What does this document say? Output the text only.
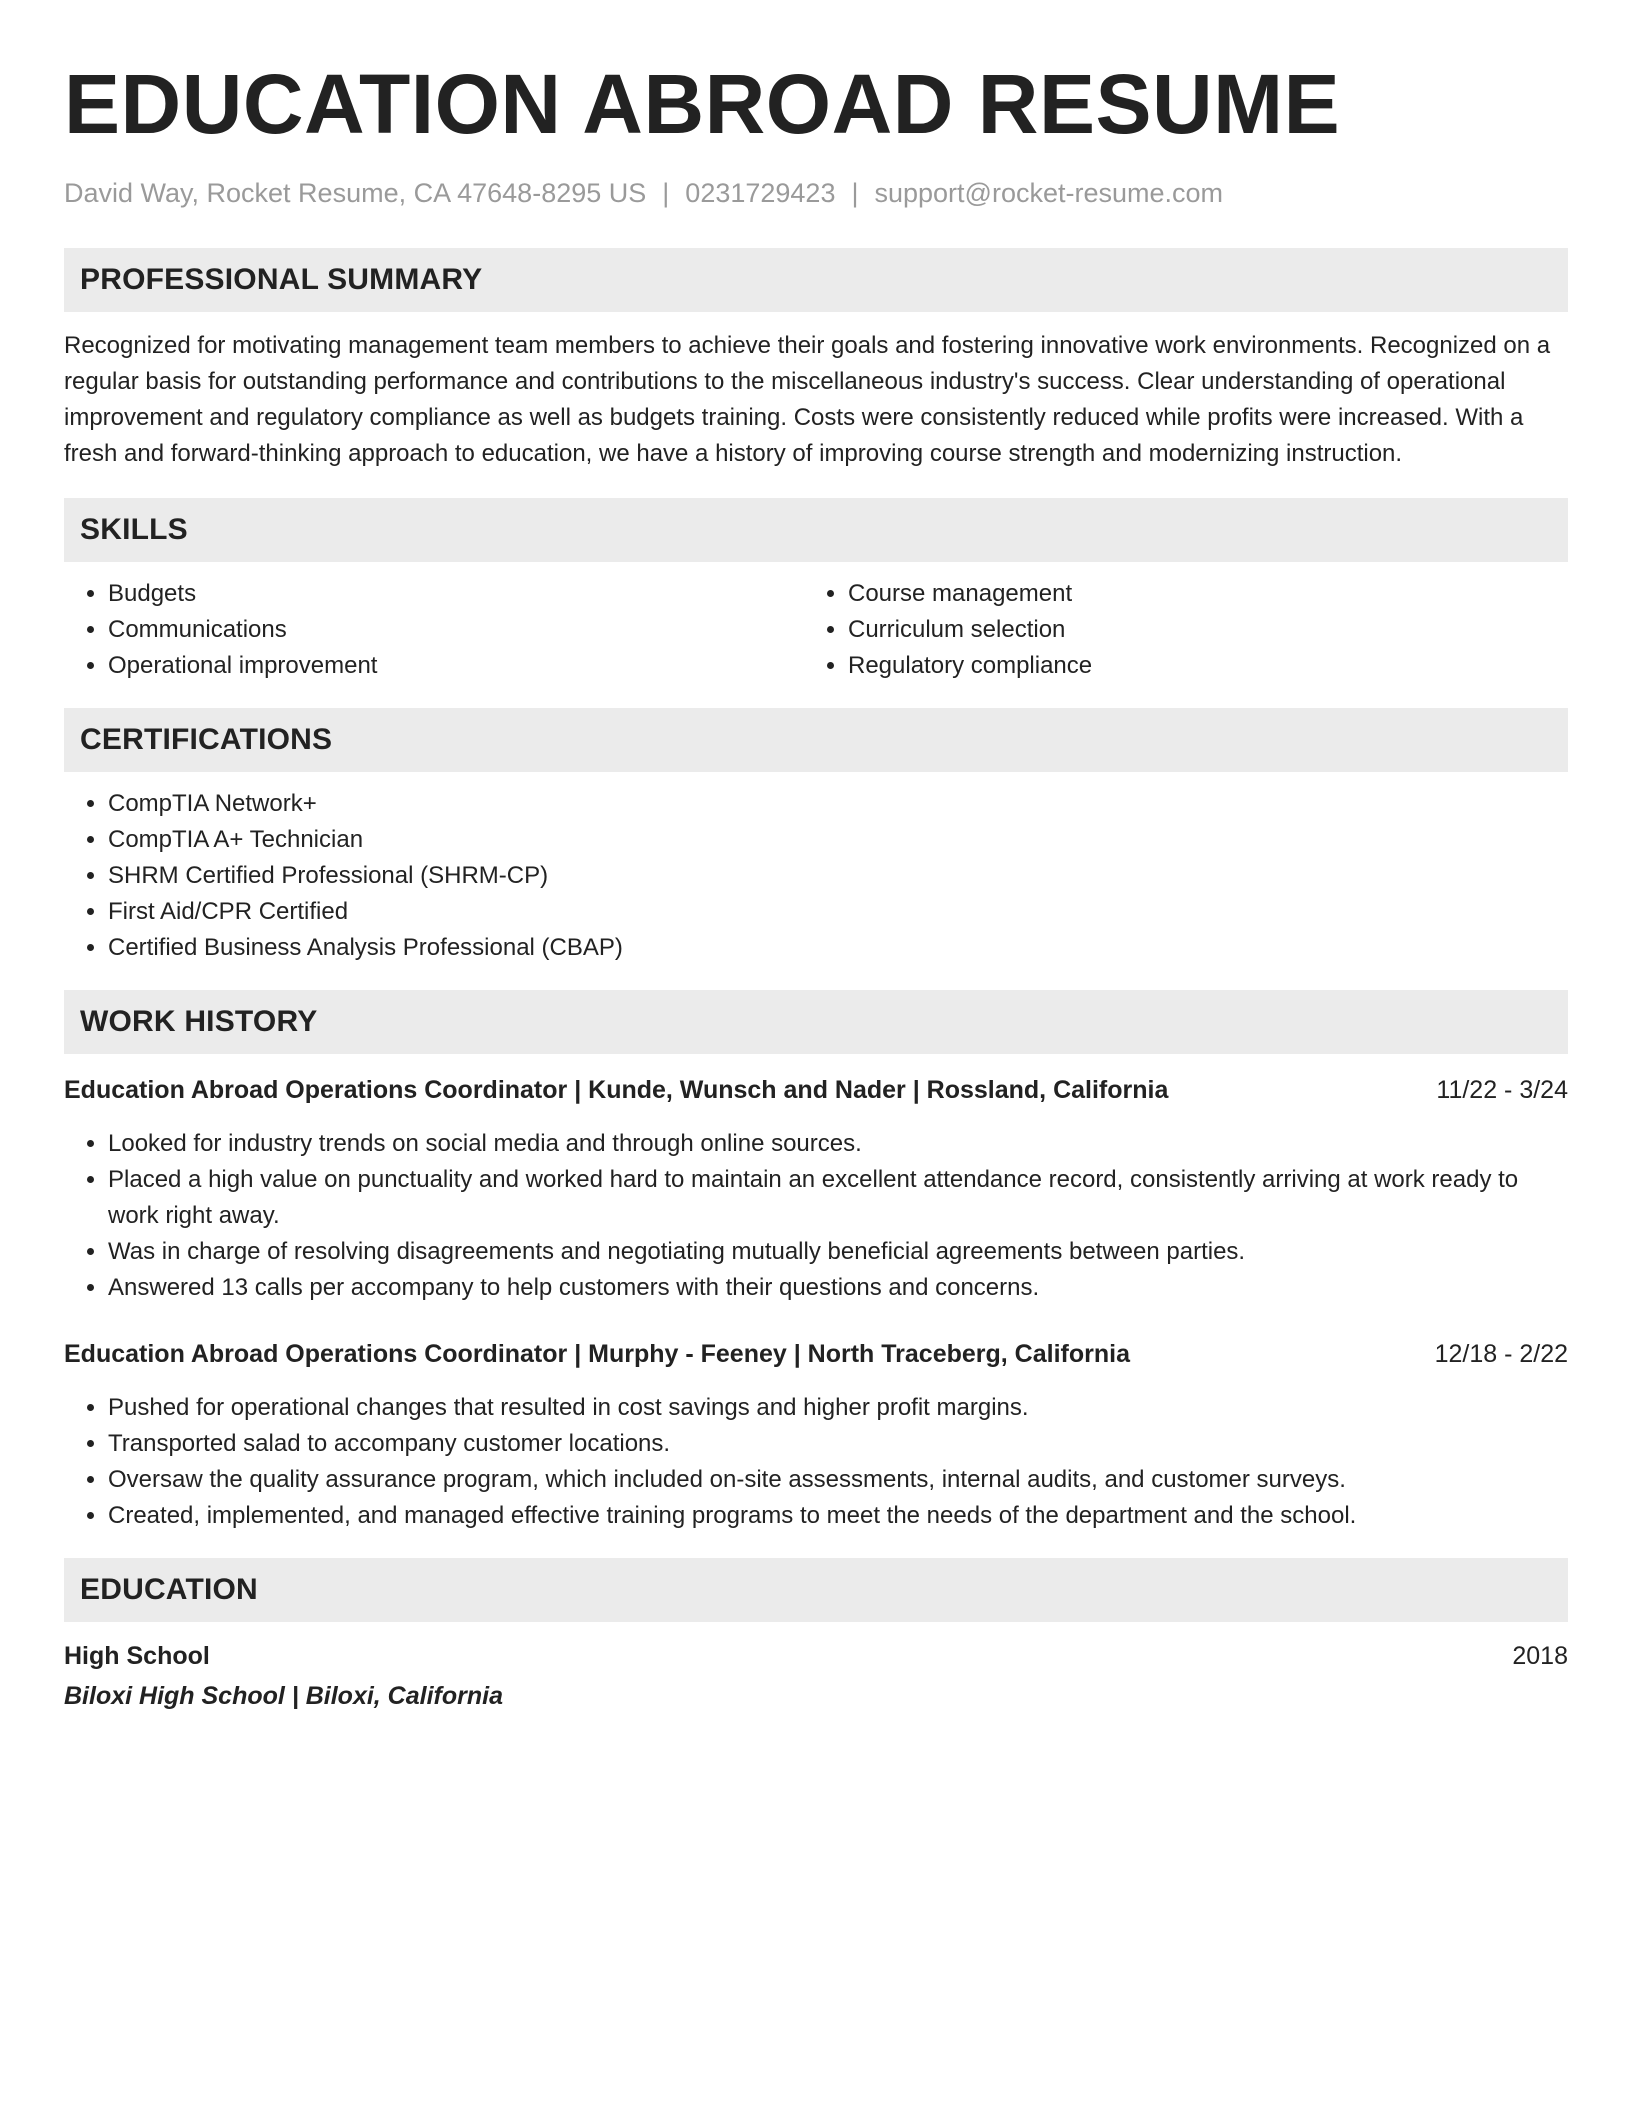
EDUCATION ABROAD RESUME
David Way, Rocket Resume, CA 47648-8295 US | 0231729423 | support@rocket-resume.com
PROFESSIONAL SUMMARY
Recognized for motivating management team members to achieve their goals and fostering innovative work environments. Recognized on a regular basis for outstanding performance and contributions to the miscellaneous industry's success. Clear understanding of operational improvement and regulatory compliance as well as budgets training. Costs were consistently reduced while profits were increased. With a fresh and forward-thinking approach to education, we have a history of improving course strength and modernizing instruction.
SKILLS
• Budgets
• Communications
• Operational improvement
• Course management
• Curriculum selection
• Regulatory compliance
CERTIFICATIONS
• CompTIA Network+
• CompTIA A+ Technician
• SHRM Certified Professional (SHRM-CP)
• First Aid/CPR Certified
• Certified Business Analysis Professional (CBAP)
WORK HISTORY
Education Abroad Operations Coordinator | Kunde, Wunsch and Nader | Rossland, California	11/22 - 3/24
• Looked for industry trends on social media and through online sources.
• Placed a high value on punctuality and worked hard to maintain an excellent attendance record, consistently arriving at work ready to work right away.
• Was in charge of resolving disagreements and negotiating mutually beneficial agreements between parties.
• Answered 13 calls per accompany to help customers with their questions and concerns.
Education Abroad Operations Coordinator | Murphy - Feeney | North Traceberg, California	12/18 - 2/22
• Pushed for operational changes that resulted in cost savings and higher profit margins.
• Transported salad to accompany customer locations.
• Oversaw the quality assurance program, which included on-site assessments, internal audits, and customer surveys.
• Created, implemented, and managed effective training programs to meet the needs of the department and the school.
EDUCATION
High School	2018
Biloxi High School | Biloxi, California
